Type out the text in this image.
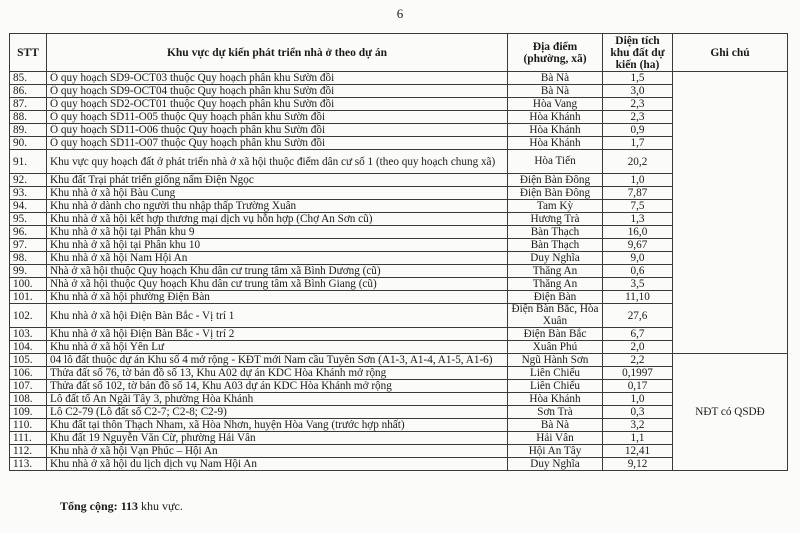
6
STT	Khu vực dự kiến phát triển nhà ở theo dự án	Địa điểm (phường, xã)	Diện tích khu đất dự kiến (ha)	Ghi chú
85.	Ô quy hoạch SD9-OCT03 thuộc Quy hoạch phân khu Sườn đồi	Bà Nà	1,5	
86.	Ô quy hoạch SD9-OCT04 thuộc Quy hoạch phân khu Sườn đồi	Bà Nà	3,0	
87.	Ô quy hoạch SD2-OCT01 thuộc Quy hoạch phân khu Sườn đồi	Hòa Vang	2,3	
88.	Ô quy hoạch SD11-O05 thuộc Quy hoạch phân khu Sườn đồi	Hòa Khánh	2,3	
89.	Ô quy hoạch SD11-O06 thuộc Quy hoạch phân khu Sườn đồi	Hòa Khánh	0,9	
90.	Ô quy hoạch SD11-O07 thuộc Quy hoạch phân khu Sườn đồi	Hòa Khánh	1,7	
91.	Khu vực quy hoạch đất ở phát triển nhà ở xã hội thuộc điểm dân cư số 1 (theo quy hoạch chung xã)	Hòa Tiến	20,2	
92.	Khu đất Trại phát triển giống nấm Điện Ngọc	Điện Bàn Đông	1,0	
93.	Khu nhà ở xã hội Bàu Cung	Điện Bàn Đông	7,87	
94.	Khu nhà ở dành cho người thu nhập thấp Trường Xuân	Tam Kỳ	7,5	
95.	Khu nhà ở xã hội kết hợp thương mại dịch vụ hỗn hợp (Chợ An Sơn cũ)	Hương Trà	1,3	
96.	Khu nhà ở xã hội tại Phân khu 9	Bàn Thạch	16,0	
97.	Khu nhà ở xã hội tại Phân khu 10	Bàn Thạch	9,67	
98.	Khu nhà ở xã hội Nam Hội An	Duy Nghĩa	9,0	
99.	Nhà ở xã hội thuộc Quy hoạch Khu dân cư trung tâm xã Bình Dương (cũ)	Thăng An	0,6	
100.	Nhà ở xã hội thuộc Quy hoạch Khu dân cư trung tâm xã Bình Giang (cũ)	Thăng An	3,5	
101.	Khu nhà ở xã hội phường Điện Bàn	Điện Bàn	11,10	
102.	Khu nhà ở xã hội Điện Bàn Bắc - Vị trí 1	Điện Bàn Bắc, Hòa Xuân	27,6	
103.	Khu nhà ở xã hội Điện Bàn Bắc - Vị trí 2	Điện Bàn Bắc	6,7	
104.	Khu nhà ở xã hội Yên Lư	Xuân Phú	2,0	
105.	04 lô đất thuộc dự án Khu số 4 mở rộng - KĐT mới Nam cầu Tuyên Sơn (A1-3, A1-4, A1-5, A1-6)	Ngũ Hành Sơn	2,2	NĐT có QSDĐ
106.	Thửa đất số 76, tờ bản đồ số 13, Khu A02 dự án KDC Hòa Khánh mở rộng	Liên Chiểu	0,1997	
107.	Thửa đất số 102, tờ bản đồ số 14, Khu A03 dự án KDC Hòa Khánh mở rộng	Liên Chiểu	0,17	
108.	Lô đất tổ An Ngãi Tây 3, phường Hòa Khánh	Hòa Khánh	1,0	
109.	Lô C2-79 (Lô đất số C2-7; C2-8; C2-9)	Sơn Trà	0,3	
110.	Khu đất tại thôn Thạch Nham, xã Hòa Nhơn, huyện Hòa Vang (trước hợp nhất)	Bà Nà	3,2	
111.	Khu đất 19 Nguyễn Văn Cừ, phường Hải Vân	Hải Vân	1,1	
112.	Khu nhà ở xã hội Vạn Phúc – Hội An	Hội An Tây	12,41	
113.	Khu nhà ở xã hội du lịch dịch vụ Nam Hội An	Duy Nghĩa	9,12	
Tổng cộng: 113 khu vực.
